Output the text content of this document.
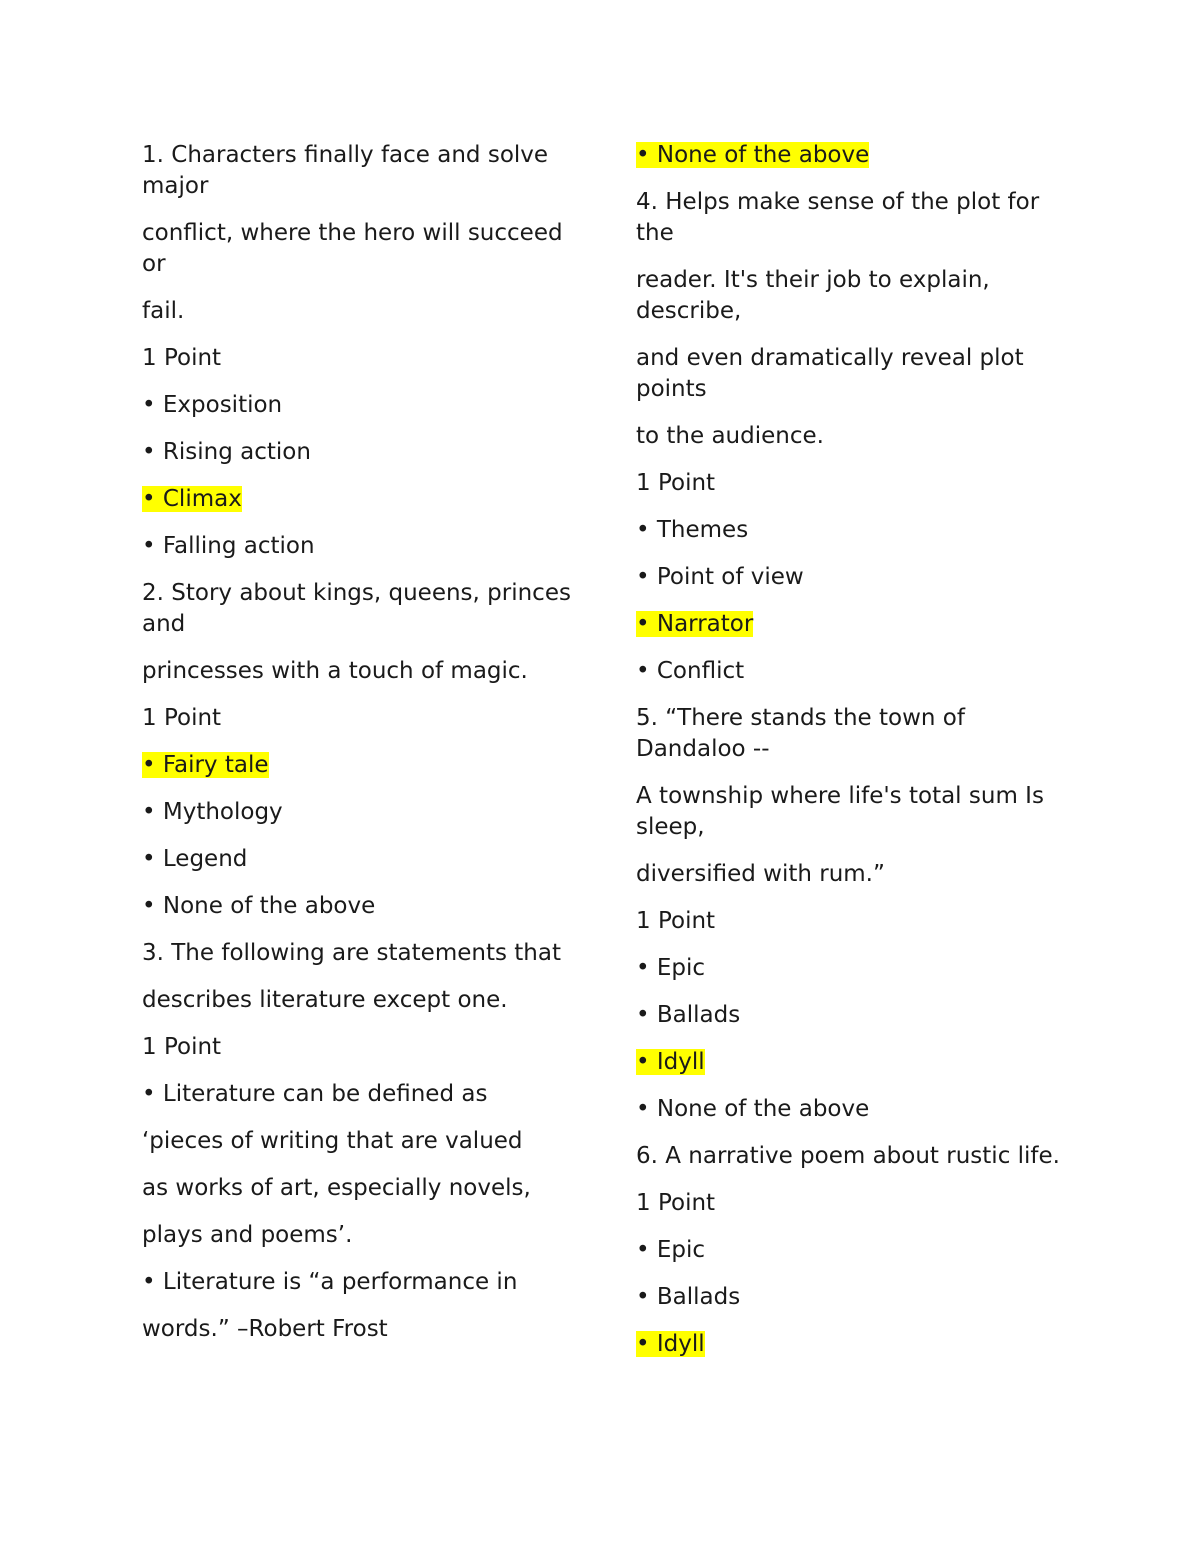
1. Characters finally face and solve major

conflict, where the hero will succeed or

fail.

1 Point

• Exposition

• Rising action

• Climax

• Falling action

2. Story about kings, queens, princes and

princesses with a touch of magic.

1 Point

• Fairy tale

• Mythology

• Legend

• None of the above

3. The following are statements that

describes literature except one.

1 Point

• Literature can be defined as

‘pieces of writing that are valued

as works of art, especially novels,

plays and poems’.

• Literature is “a performance in

words.” –Robert Frost

• None of the above

4. Helps make sense of the plot for the

reader. It's their job to explain, describe,

and even dramatically reveal plot points

to the audience.

1 Point

• Themes

• Point of view

• Narrator

• Conflict

5. “There stands the town of Dandaloo --

A township where life's total sum Is sleep,

diversified with rum.”

1 Point

• Epic

• Ballads

• Idyll

• None of the above

6. A narrative poem about rustic life.

1 Point

• Epic

• Ballads

• Idyll
